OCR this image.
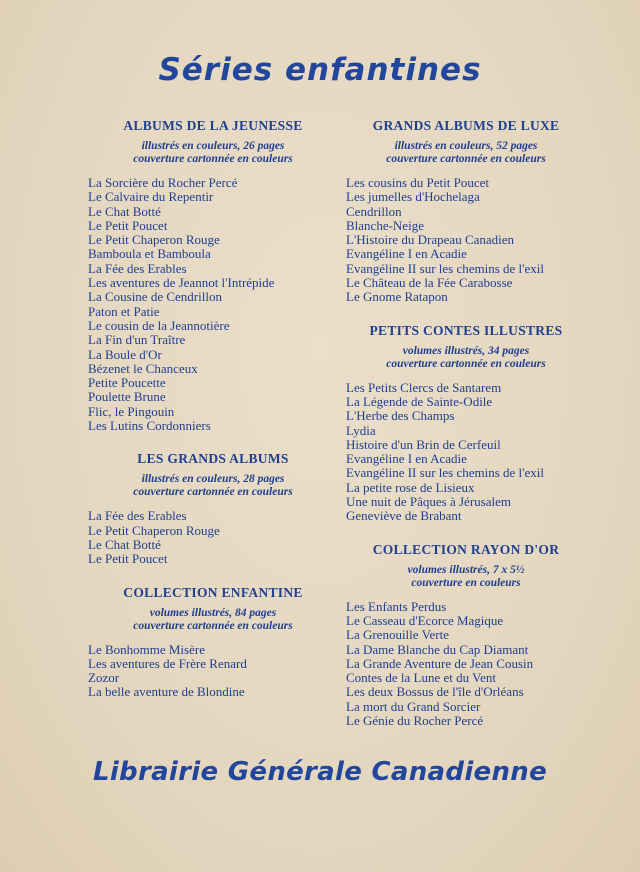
Séries enfantines
ALBUMS DE LA JEUNESSE
illustrés en couleurs, 26 pages
couverture cartonnée en couleurs
La Sorcière du Rocher Percé
Le Calvaire du Repentir
Le Chat Botté
Le Petit Poucet
Le Petit Chaperon Rouge
Bamboula et Bamboula
La Fée des Erables
Les aventures de Jeannot l'Intrépide
La Cousine de Cendrillon
Paton et Patie
Le cousin de la Jeannotière
La Fin d'un Traître
La Boule d'Or
Bézenet le Chanceux
Petite Poucette
Poulette Brune
Flic, le Pingouin
Les Lutins Cordonniers
LES GRANDS ALBUMS
illustrés en couleurs, 28 pages
couverture cartonnée en couleurs
La Fée des Erables
Le Petit Chaperon Rouge
Le Chat Botté
Le Petit Poucet
COLLECTION ENFANTINE
volumes illustrés, 84 pages
couverture cartonnée en couleurs
Le Bonhomme Misère
Les aventures de Frère Renard
Zozor
La belle aventure de Blondine
GRANDS ALBUMS DE LUXE
illustrés en couleurs, 52 pages
couverture cartonnée en couleurs
Les cousins du Petit Poucet
Les jumelles d'Hochelaga
Cendrillon
Blanche-Neige
L'Histoire du Drapeau Canadien
Evangéline I en Acadie
Evangéline II sur les chemins de l'exil
Le Château de la Fée Carabosse
Le Gnome Ratapon
PETITS CONTES ILLUSTRES
volumes illustrés, 34 pages
couverture cartonnée en couleurs
Les Petits Clercs de Santarem
La Légende de Sainte-Odile
L'Herbe des Champs
Lydia
Histoire d'un Brin de Cerfeuil
Evangéline I en Acadie
Evangéline II sur les chemins de l'exil
La petite rose de Lisieux
Une nuit de Pâques à Jérusalem
Geneviève de Brabant
COLLECTION RAYON D'OR
volumes illustrés, 7 x 5½
couverture en couleurs
Les Enfants Perdus
Le Casseau d'Ecorce Magique
La Grenouille Verte
La Dame Blanche du Cap Diamant
La Grande Aventure de Jean Cousin
Contes de la Lune et du Vent
Les deux Bossus de l'île d'Orléans
La mort du Grand Sorcier
Le Génie du Rocher Percé
Librairie Générale Canadienne
